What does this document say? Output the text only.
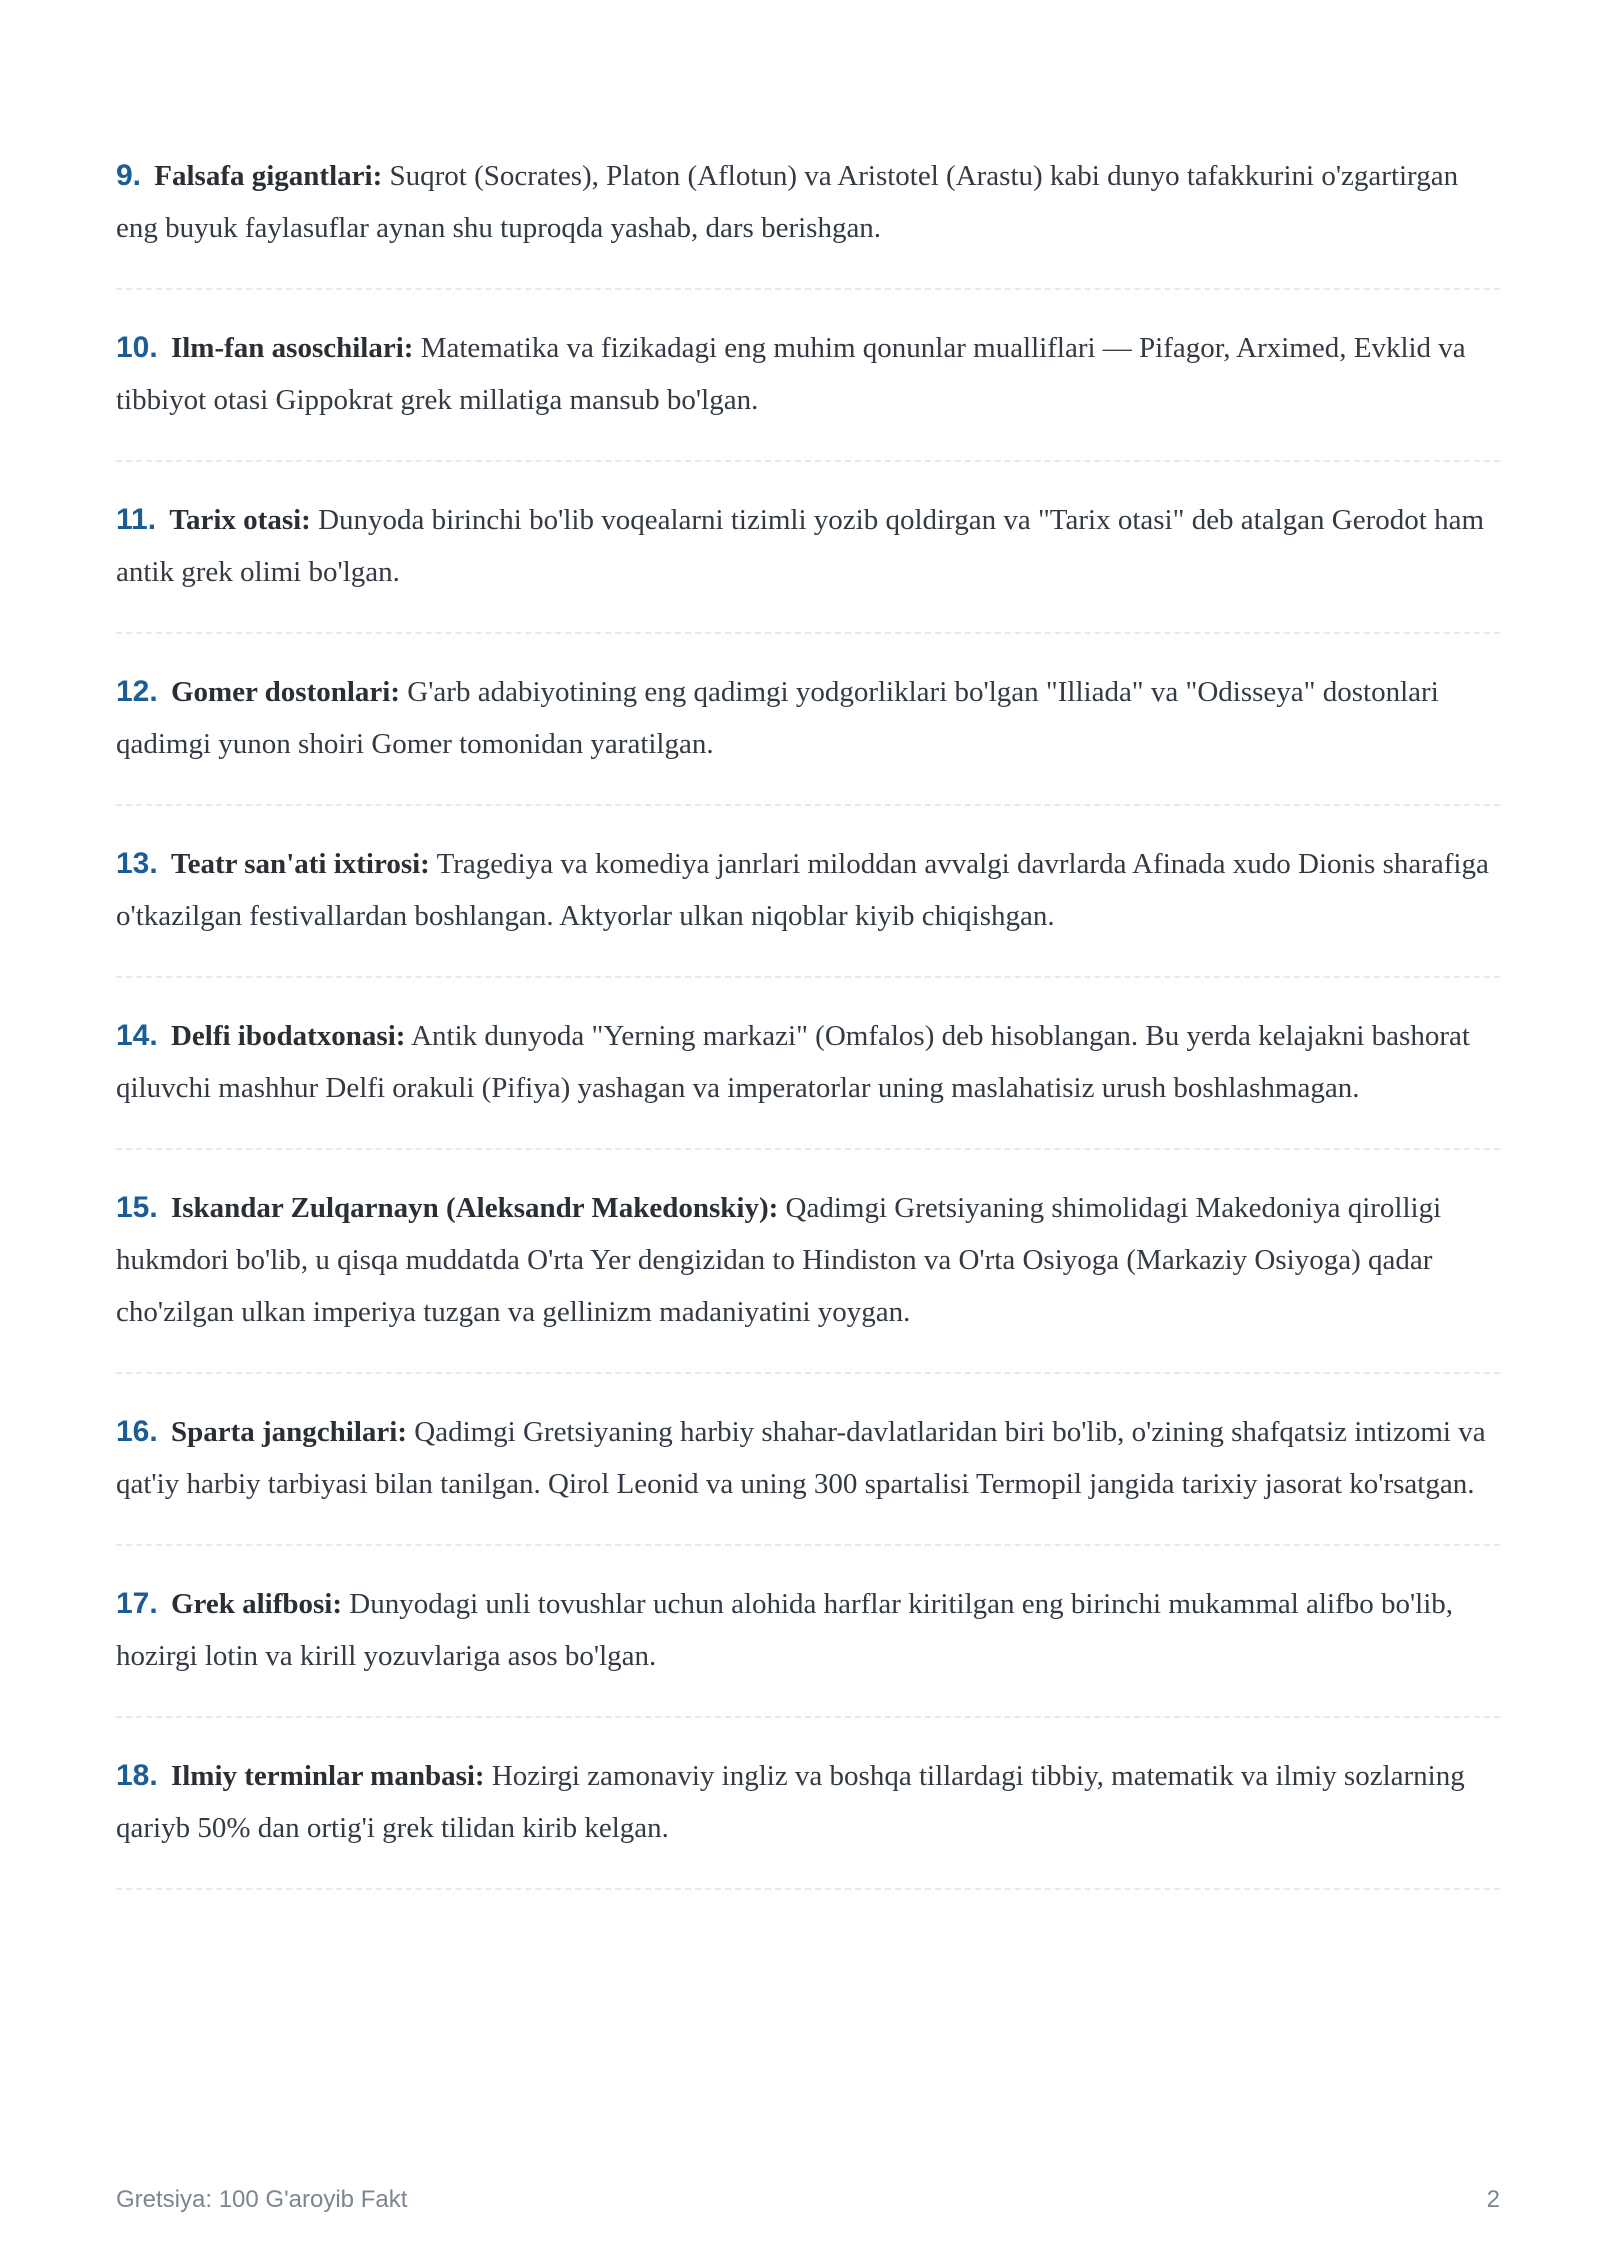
9. Falsafa gigantlari: Suqrot (Socrates), Platon (Aflotun) va Aristotel (Arastu) kabi dunyo tafakkurini o'zgartirgan eng buyuk faylasuflar aynan shu tuproqda yashab, dars berishgan.

10. Ilm-fan asoschilari: Matematika va fizikadagi eng muhim qonunlar mualliflari — Pifagor, Arximed, Evklid va tibbiyot otasi Gippokrat grek millatiga mansub bo'lgan.

11. Tarix otasi: Dunyoda birinchi bo'lib voqealarni tizimli yozib qoldirgan va "Tarix otasi" deb atalgan Gerodot ham antik grek olimi bo'lgan.

12. Gomer dostonlari: G'arb adabiyotining eng qadimgi yodgorliklari bo'lgan "Illiada" va "Odisseya" dostonlari qadimgi yunon shoiri Gomer tomonidan yaratilgan.

13. Teatr san'ati ixtirosi: Tragediya va komediya janrlari miloddan avvalgi davrlarda Afinada xudo Dionis sharafiga o'tkazilgan festivallardan boshlangan. Aktyorlar ulkan niqoblar kiyib chiqishgan.

14. Delfi ibodatxonasi: Antik dunyoda "Yerning markazi" (Omfalos) deb hisoblangan. Bu yerda kelajakni bashorat qiluvchi mashhur Delfi orakuli (Pifiya) yashagan va imperatorlar uning maslahatisiz urush boshlashmagan.

15. Iskandar Zulqarnayn (Aleksandr Makedonskiy): Qadimgi Gretsiyaning shimolidagi Makedoniya qirolligi hukmdori bo'lib, u qisqa muddatda O'rta Yer dengizidan to Hindiston va O'rta Osiyoga (Markaziy Osiyoga) qadar cho'zilgan ulkan imperiya tuzgan va gellinizm madaniyatini yoygan.

16. Sparta jangchilari: Qadimgi Gretsiyaning harbiy shahar-davlatlaridan biri bo'lib, o'zining shafqatsiz intizomi va qat'iy harbiy tarbiyasi bilan tanilgan. Qirol Leonid va uning 300 spartalisi Termopil jangida tarixiy jasorat ko'rsatgan.

17. Grek alifbosi: Dunyodagi unli tovushlar uchun alohida harflar kiritilgan eng birinchi mukammal alifbo bo'lib, hozirgi lotin va kirill yozuvlariga asos bo'lgan.

18. Ilmiy terminlar manbasi: Hozirgi zamonaviy ingliz va boshqa tillardagi tibbiy, matematik va ilmiy sozlarning qariyb 50% dan ortig'i grek tilidan kirib kelgan.

Gretsiya: 100 G'aroyib Fakt	2
